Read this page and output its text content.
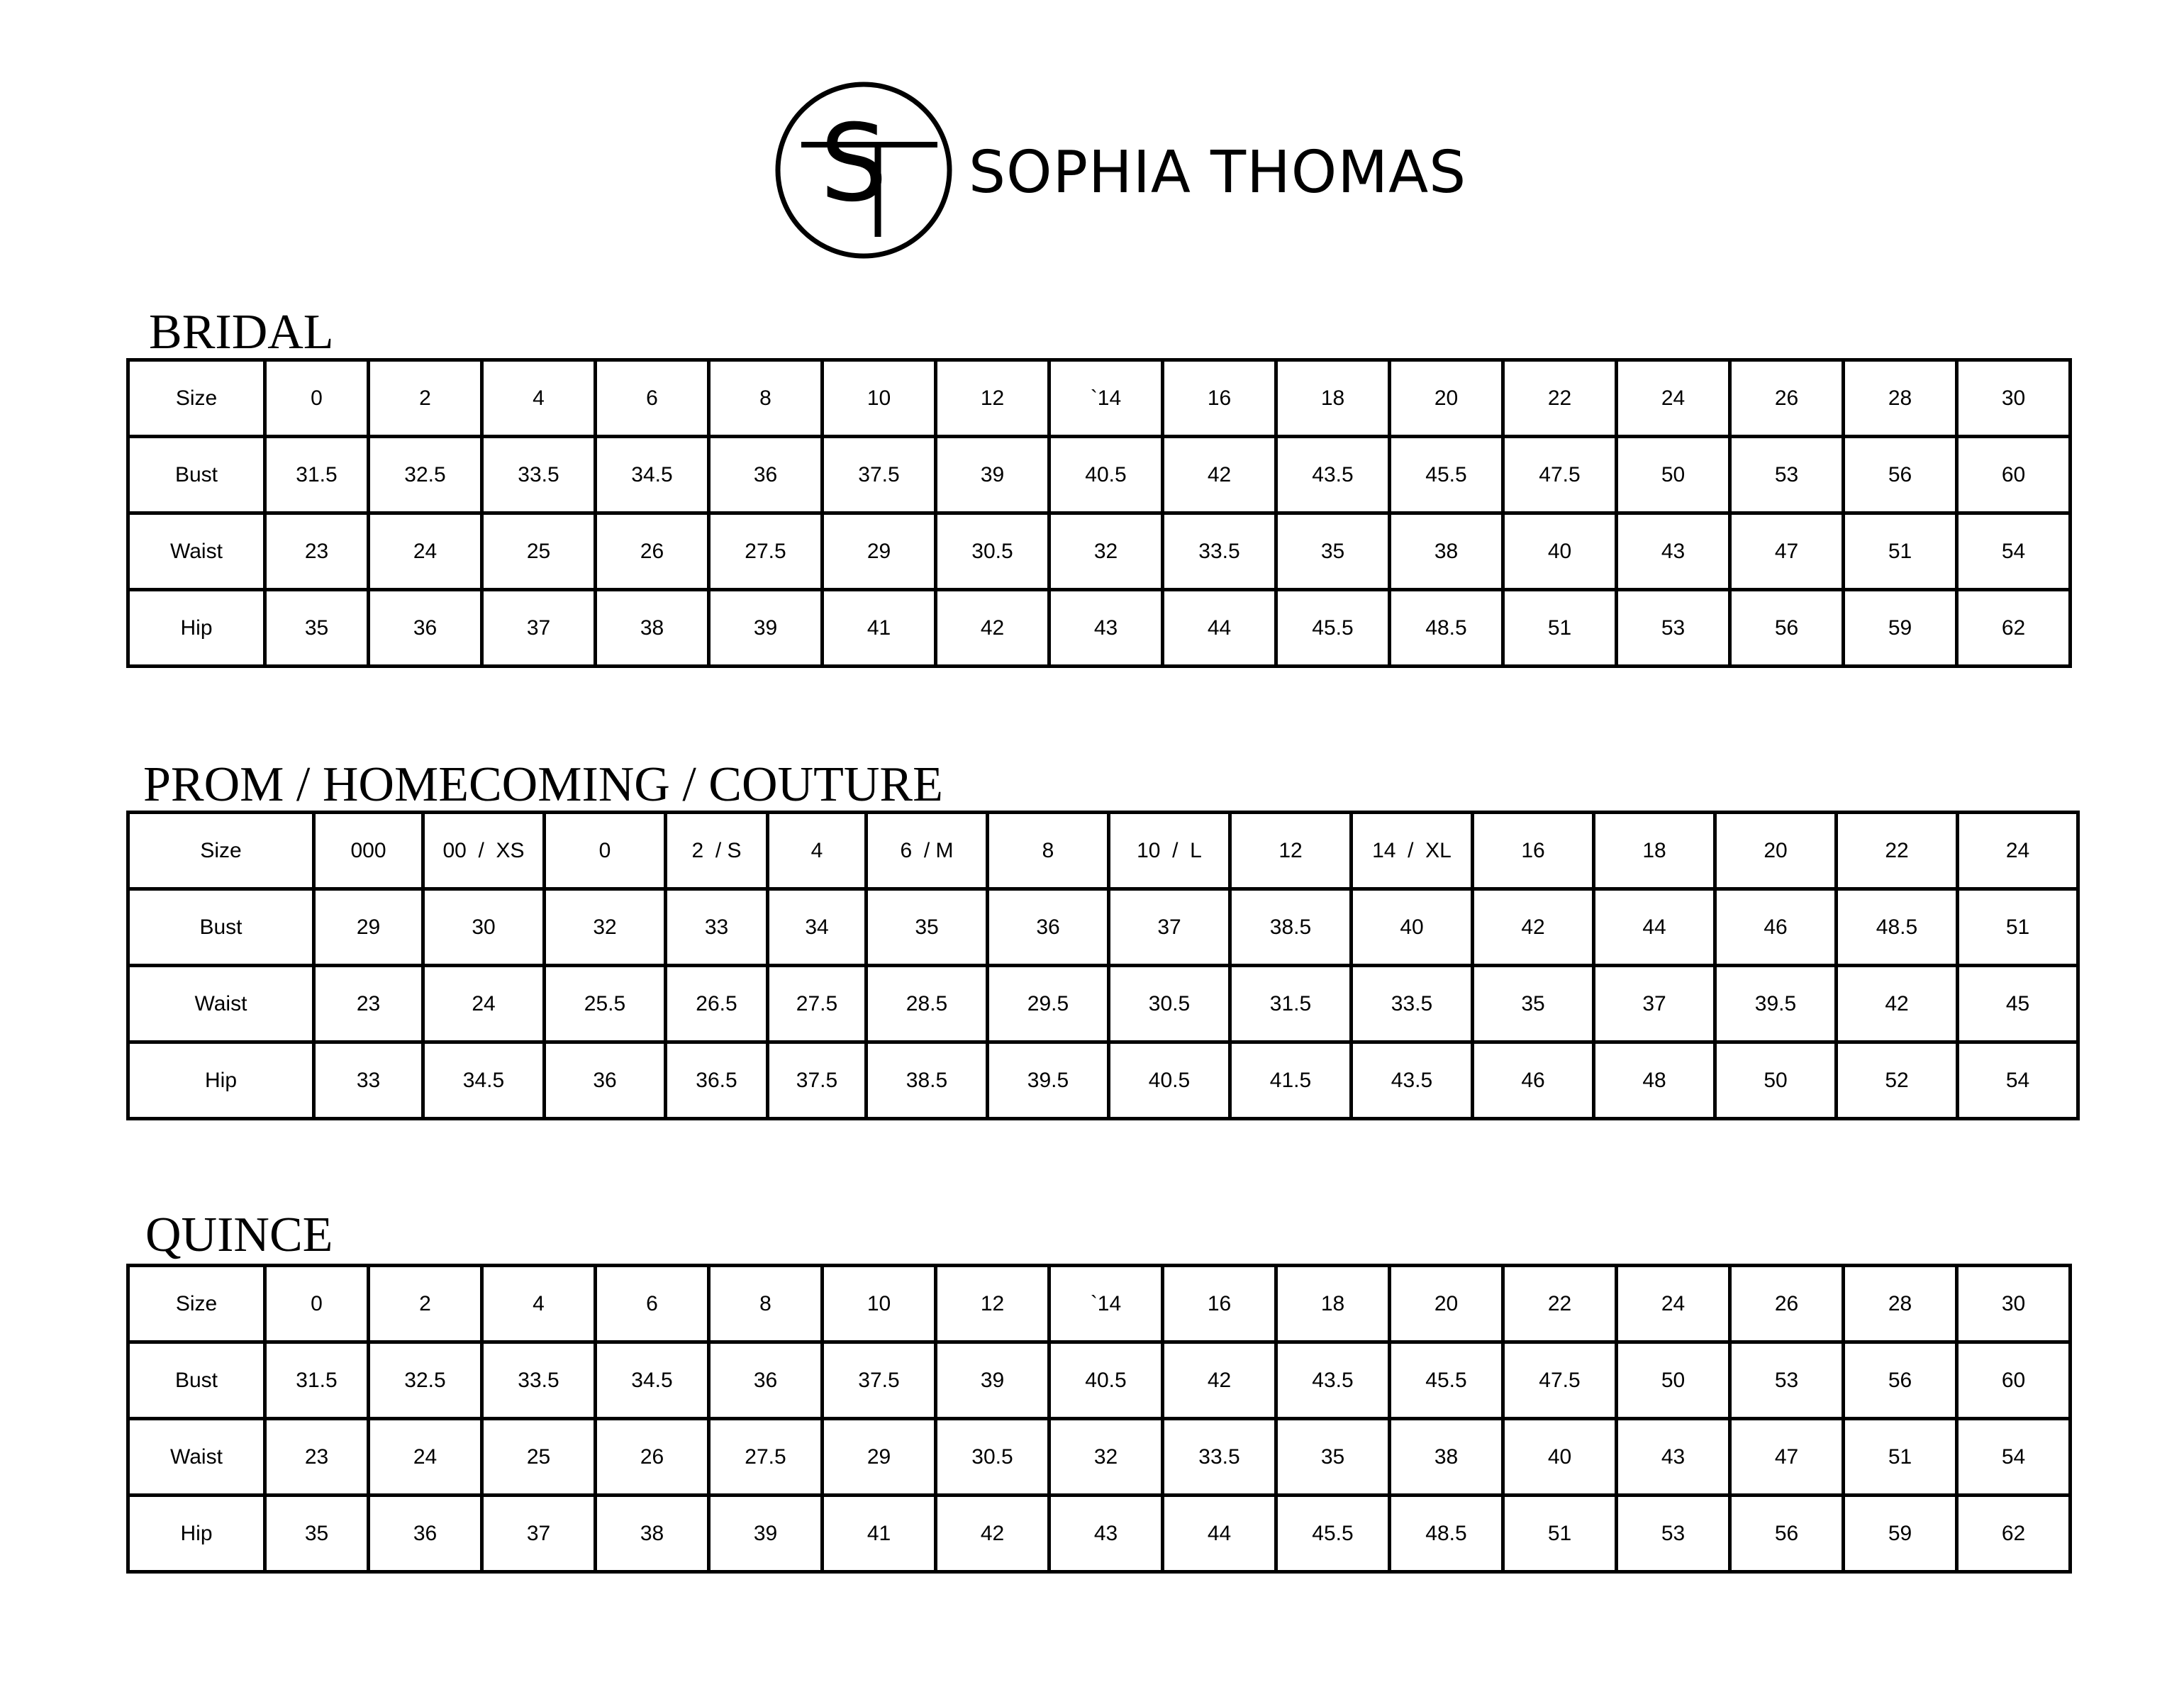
S SOPHIA THOMAS
BRIDAL
Size	0	2	4	6	8	10	12	`14	16	18	20	22	24	26	28	30
Bust	31.5	32.5	33.5	34.5	36	37.5	39	40.5	42	43.5	45.5	47.5	50	53	56	60
Waist	23	24	25	26	27.5	29	30.5	32	33.5	35	38	40	43	47	51	54
Hip	35	36	37	38	39	41	42	43	44	45.5	48.5	51	53	56	59	62
PROM / HOMECOMING / COUTURE
Size	000	00  /  XS	0	2  / S	4	6  / M	8	10  /  L	12	14  /  XL	16	18	20	22	24
Bust	29	30	32	33	34	35	36	37	38.5	40	42	44	46	48.5	51
Waist	23	24	25.5	26.5	27.5	28.5	29.5	30.5	31.5	33.5	35	37	39.5	42	45
Hip	33	34.5	36	36.5	37.5	38.5	39.5	40.5	41.5	43.5	46	48	50	52	54
QUINCE
Size	0	2	4	6	8	10	12	`14	16	18	20	22	24	26	28	30
Bust	31.5	32.5	33.5	34.5	36	37.5	39	40.5	42	43.5	45.5	47.5	50	53	56	60
Waist	23	24	25	26	27.5	29	30.5	32	33.5	35	38	40	43	47	51	54
Hip	35	36	37	38	39	41	42	43	44	45.5	48.5	51	53	56	59	62
